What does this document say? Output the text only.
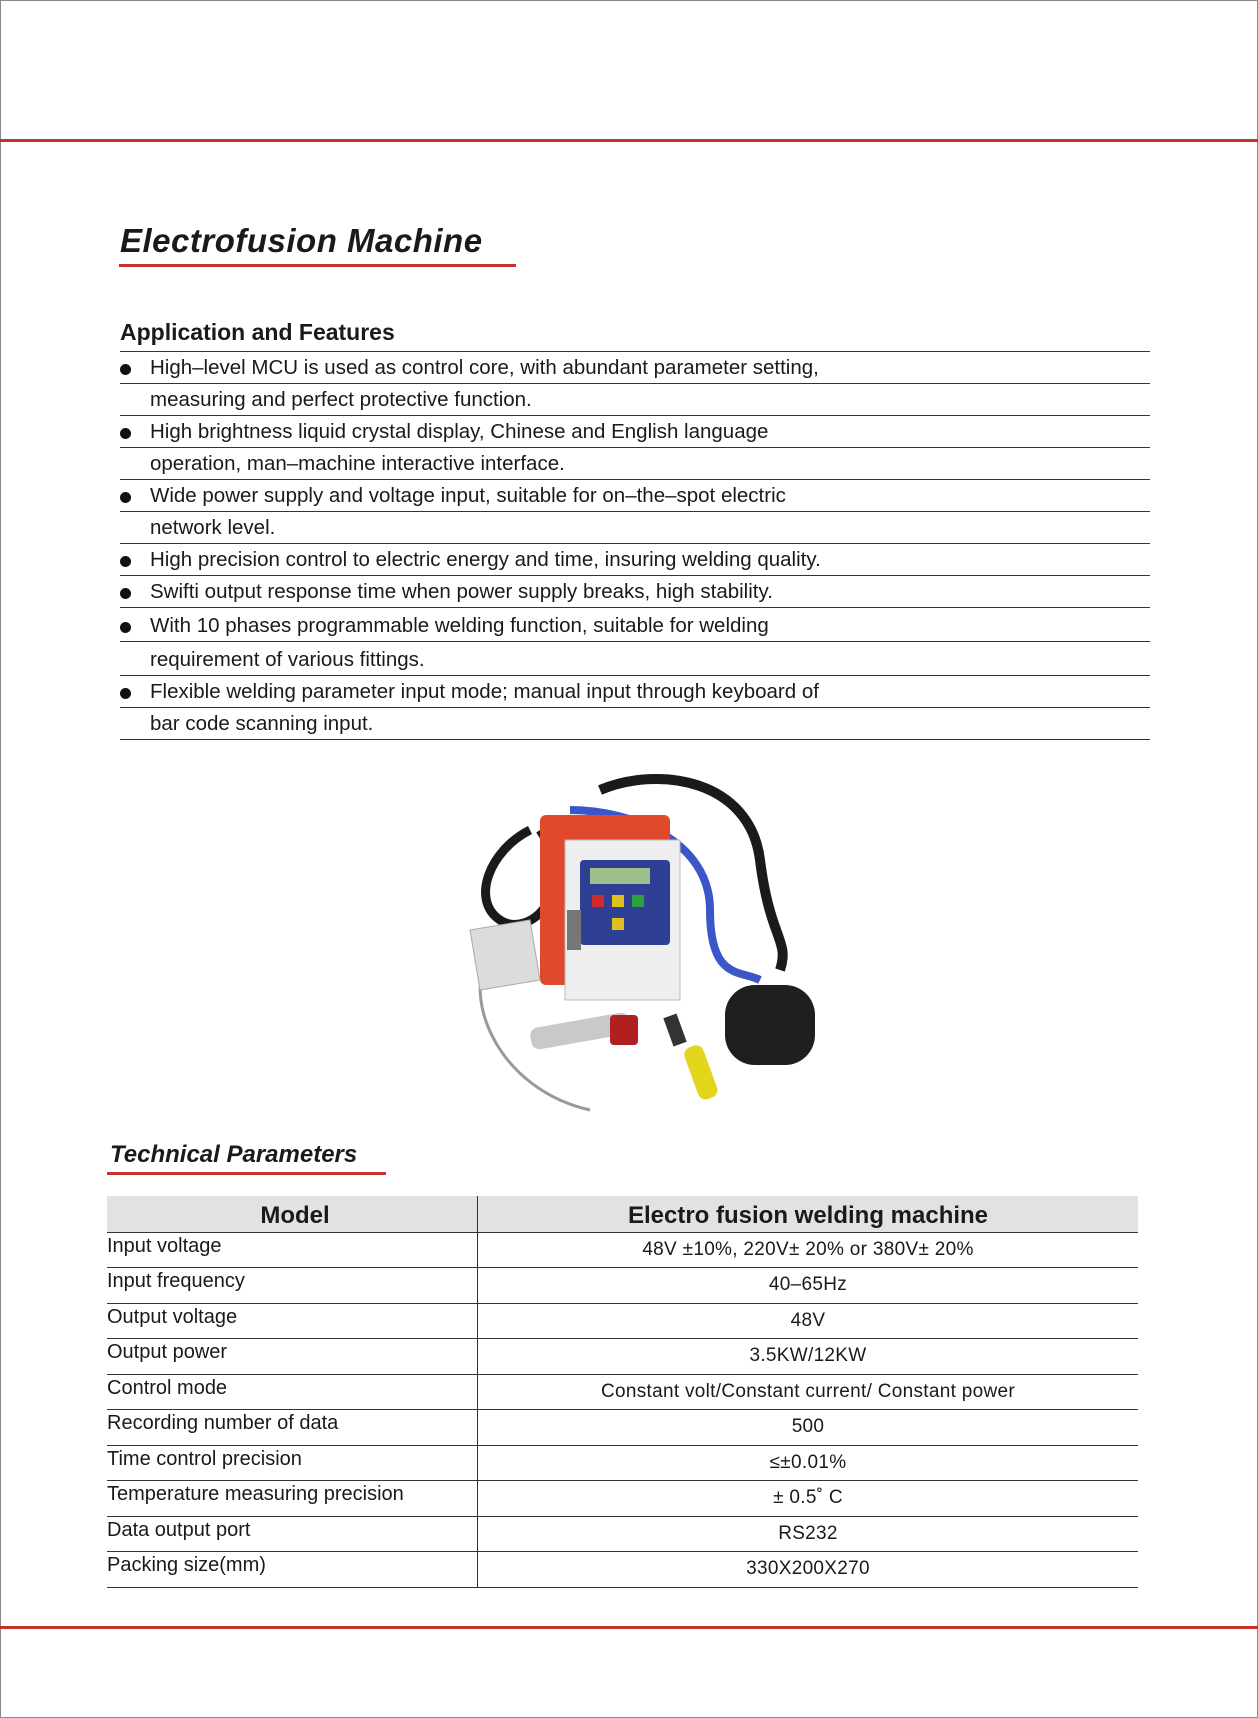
Electrofusion Machine
Application and Features
High–level MCU is used as control core, with abundant parameter setting,
measuring and perfect protective function.
High brightness liquid crystal display, Chinese and English language
operation, man–machine interactive interface.
Wide power supply and voltage input, suitable for on–the–spot electric
network level.
High precision control to electric energy and time, insuring welding quality.
Swifti output response time when power supply breaks, high stability.
With 10 phases programmable welding function, suitable for welding
requirement of various fittings.
Flexible welding parameter input mode; manual input through keyboard of
bar code scanning input.
Technical Parameters
Model	Electro fusion welding machine
Input voltage	48V ±10%, 220V± 20% or 380V± 20%
Input frequency	40–65Hz
Output voltage	48V
Output power	3.5KW/12KW
Control mode	Constant volt/Constant current/ Constant power
Recording number of data	500
Time control precision	≤±0.01%
Temperature measuring precision	± 0.5˚ C
Data output port	RS232
Packing size(mm)	330X200X270
